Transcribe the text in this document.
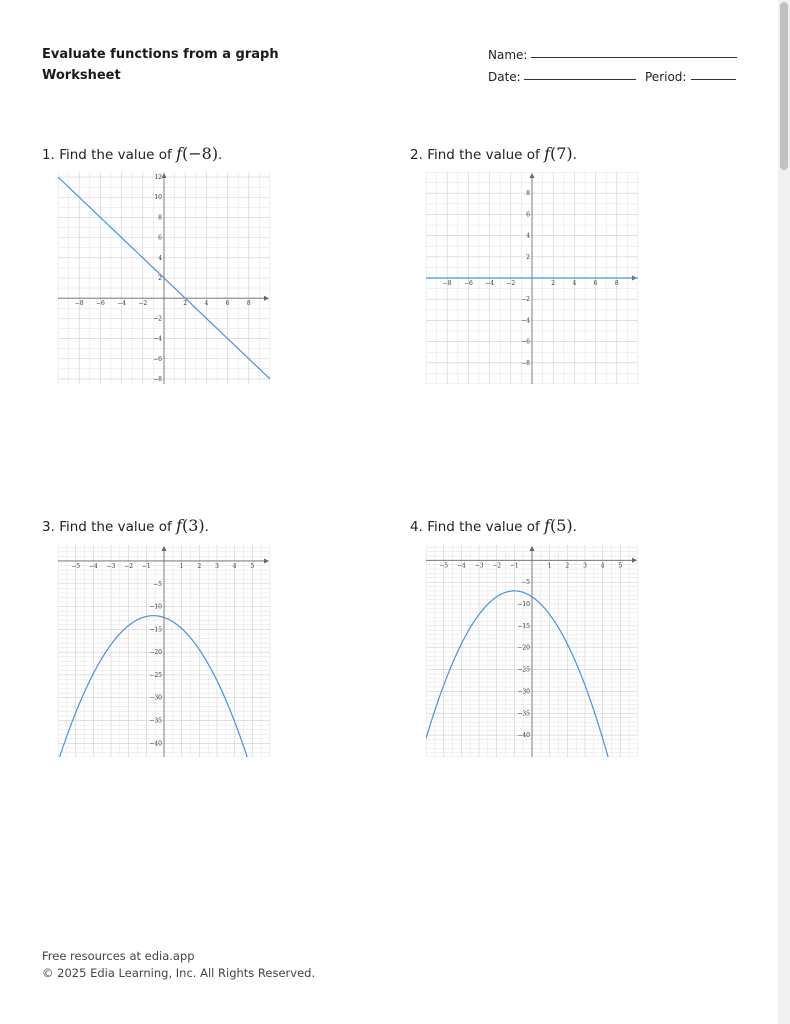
Evaluate functions from a graph
Worksheet
Name:
Date:	Period:
1. Find the value of f(−8).
−8 −6 −4 −2	2	4	6	8
−8
−6
−4
−2
2
4
6
8
10
12
2. Find the value of f(7).
−8 −6 −4 −2	2	4	6	8
−8
−6
−4
−2
2
4
6
8
3. Find the value of f(3).
−5 −4 −3 −2 −1	1 2 3 4 5
−5
−10
−15
−20
−25
−30
−35
−40
4. Find the value of f(5).
−5 −4 −3 −2 −1	1 2 3 4 5
−5
−10
−15
−20
−25
−30
−35
−40
Free resources at edia.app
© 2025 Edia Learning, Inc. All Rights Reserved.
